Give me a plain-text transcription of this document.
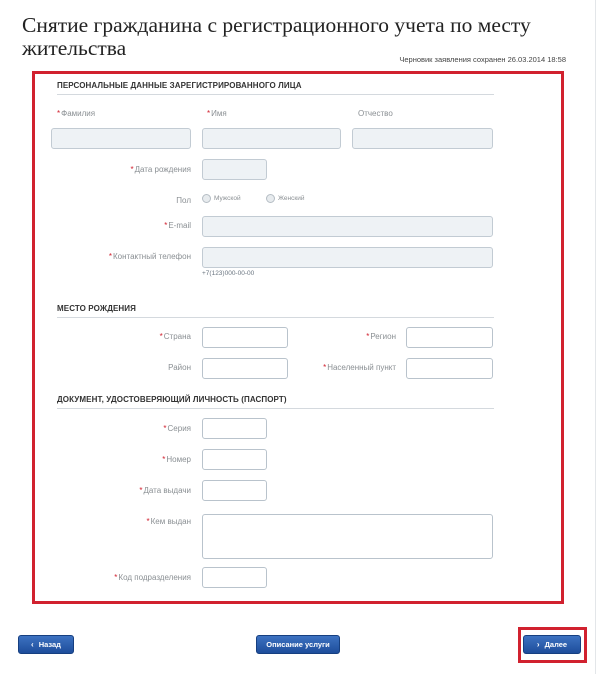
Снятие гражданина с регистрационного учета по месту жительства	Черновик заявления сохранен 26.03.2014 18:58
ПЕРСОНАЛЬНЫЕ ДАННЫЕ ЗАРЕГИСТРИРОВАННОГО ЛИЦА
*Фамилия	*Имя	Отчество
*Дата рождения
Пол	Мужской	Женский
*E-mail
*Контактный телефон
+7(123)000-00-00
МЕСТО РОЖДЕНИЯ
*Страна	*Регион
Район	*Населенный пункт
ДОКУМЕНТ, УДОСТОВЕРЯЮЩИЙ ЛИЧНОСТЬ (ПАСПОРТ)
*Серия
*Номер
*Дата выдачи
*Кем выдан
*Код подразделения
‹ Назад	Описание услуги	› Далее
